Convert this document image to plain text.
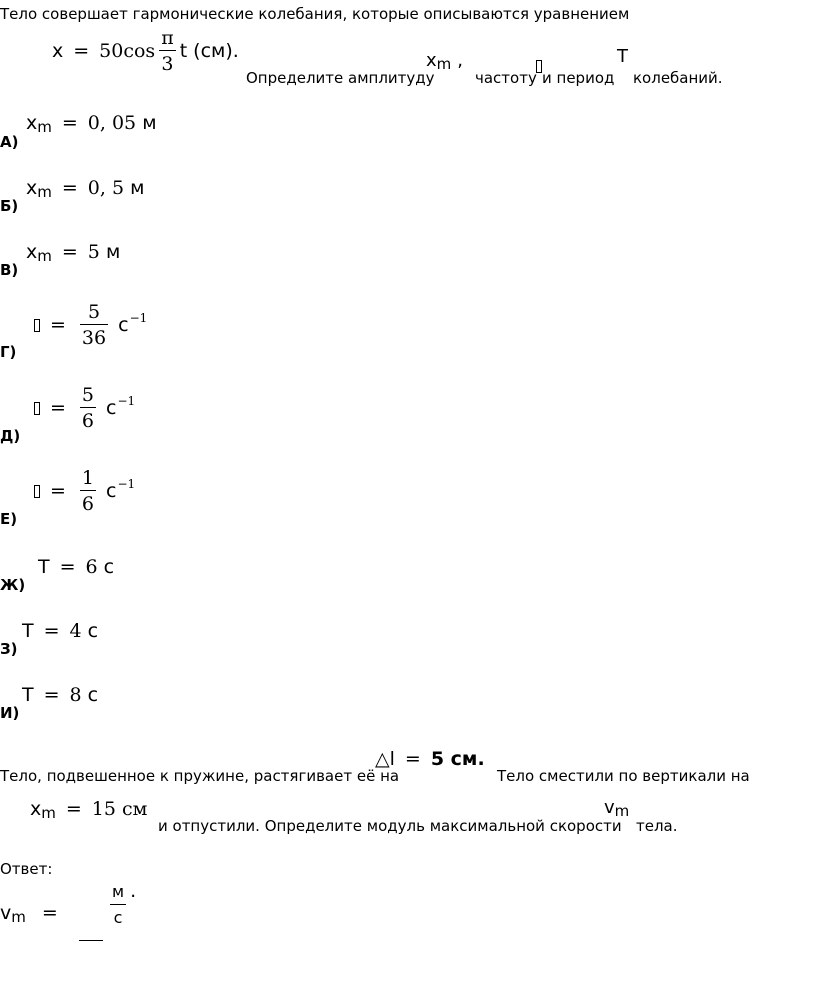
Тело совершает гармонические колебания, которые описываются уравнением
$x = 50\cos \frac{\pi}{3}$ t (см).
Определите амплитуду
$x_m$ ,
частоту и период
T
колебаний.
А)
$x_m = 0$, 05 м
Б)
$x_m = 0$, 5 м
В)
$x_m = 5$ м
Г)
= $\frac{5}{36} с^{-1}$
Д)
= $\frac{5}{6} с^{-1}$
Е)
= $\frac{1}{6} с^{-1}$
Ж)
T = 6 с
З)
T = 4 с
И)
T = 8 с
Тело, подвешенное к пружине, растягивает её на
△l = 5 см.
Тело сместили по вертикали на
$x_m = 15$ см
и отпустили. Определите модуль максимальной скорости
$v_m$
тела.
Ответ:
$v_m$ =	$\frac{м}{с}$ .
